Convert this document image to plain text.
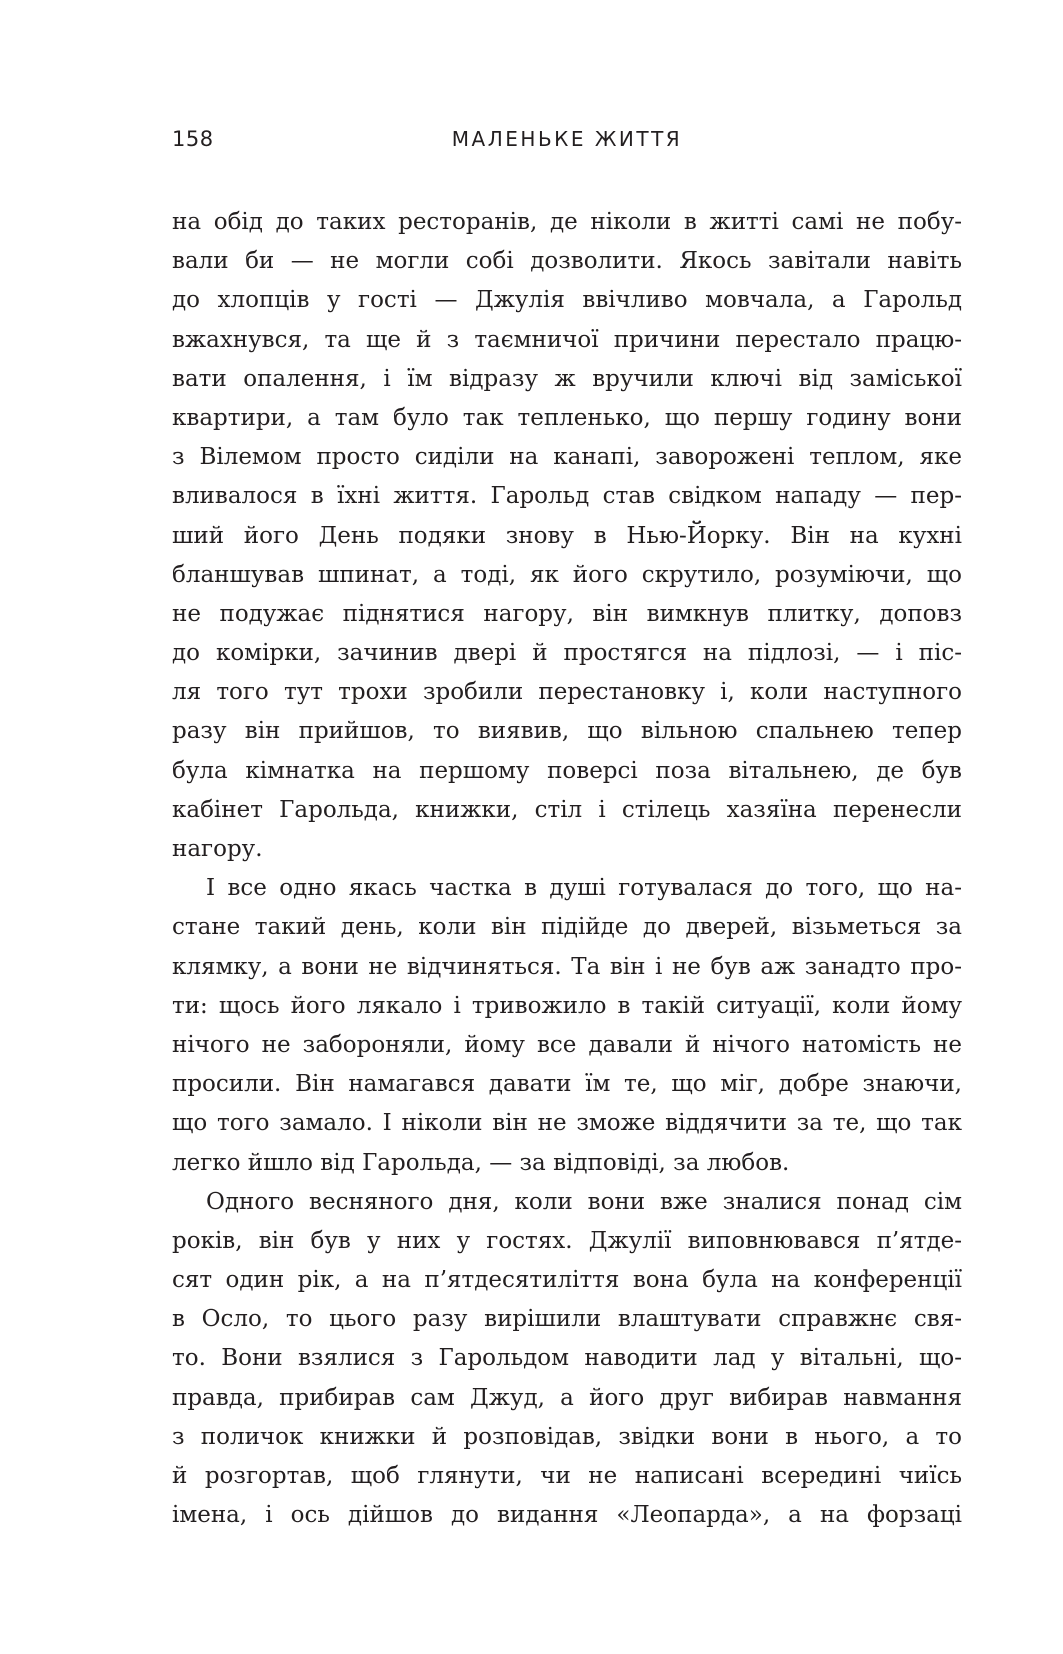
158	МАЛЕНЬКЕ ЖИТТЯ
на обід до таких ресторанів, де ніколи в житті самі не побу-
вали би — не могли собі дозволити. Якось завітали навіть
до хлопців у гості — Джулія ввічливо мовчала, а Гарольд
вжахнувся, та ще й з таємничої причини перестало працю-
вати опалення, і їм відразу ж вручили ключі від заміської
квартири, а там було так тепленько, що першу годину вони
з Вілемом просто сиділи на канапі, заворожені теплом, яке
вливалося в їхні життя. Гарольд став свідком нападу — пер-
ший його День подяки знову в Нью-Йорку. Він на кухні
бланшував шпинат, а тоді, як його скрутило, розуміючи, що
не подужає піднятися нагору, він вимкнув плитку, доповз
до комірки, зачинив двері й простягся на підлозі, — і піс-
ля того тут трохи зробили перестановку і, коли наступного
разу він прийшов, то виявив, що вільною спальнею тепер
була кімнатка на першому поверсі поза вітальнею, де був
кабінет Гарольда, книжки, стіл і стілець хазяїна перенесли
нагору.
І все одно якась частка в душі готувалася до того, що на-
стане такий день, коли він підійде до дверей, візьметься за
клямку, а вони не відчиняться. Та він і не був аж занадто про-
ти: щось його лякало і тривожило в такій ситуації, коли йому
нічого не забороняли, йому все давали й нічого натомість не
просили. Він намагався давати їм те, що міг, добре знаючи,
що того замало. І ніколи він не зможе віддячити за те, що так
легко йшло від Гарольда, — за відповіді, за любов.
Одного весняного дня, коли вони вже зналися понад сім
років, він був у них у гостях. Джулії виповнювався п’ятде-
сят один рік, а на п’ятдесятиліття вона була на конференції
в Осло, то цього разу вирішили влаштувати справжнє свя-
то. Вони взялися з Гарольдом наводити лад у вітальні, що-
правда, прибирав сам Джуд, а його друг вибирав навмання
з поличок книжки й розповідав, звідки вони в нього, а то
й розгортав, щоб глянути, чи не написані всередині чиїсь
імена, і ось дійшов до видання «Леопарда», а на форзаці
